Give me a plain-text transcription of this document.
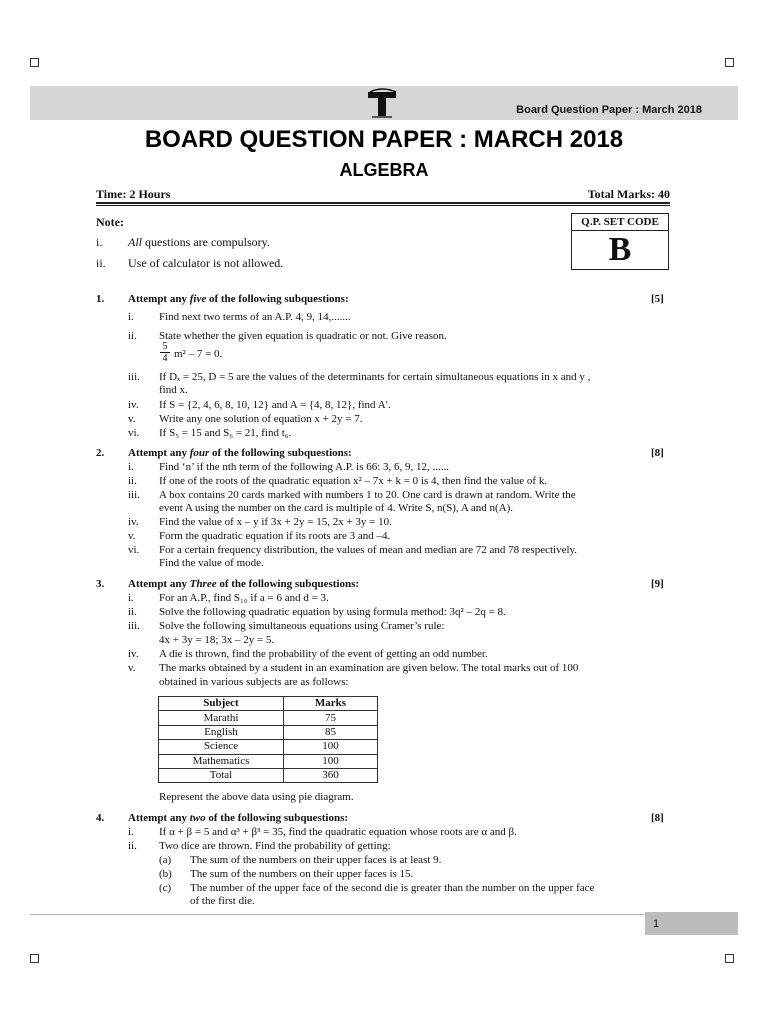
Board Question Paper : March 2018
BOARD QUESTION PAPER : MARCH 2018
ALGEBRA
Time: 2 Hours	Total Marks: 40
Note:
i. All questions are compulsory.
ii. Use of calculator is not allowed.
Q.P. SET CODE
B
1. Attempt any five of the following subquestions:	[5]
i. Find next two terms of an A.P. 4, 9, 14,.......
ii. State whether the given equation is quadratic or not. Give reason.
$\frac{5}{4} m^2 - 7 = 0$.
iii. If Dₓ = 25, D = 5 are the values of the determinants for certain simultaneous equations in x and y ,
find x.
iv. If S = {2, 4, 6, 8, 10, 12} and A = {4, 8, 12}, find A′.
v. Write any one solution of equation x + 2y = 7.
vi. If S₅ = 15 and S₆ = 21, find t₆.
2. Attempt any four of the following subquestions:	[8]
i. Find ‘n’ if the nth term of the following A.P. is 66: 3, 6, 9, 12, ......
ii. If one of the roots of the quadratic equation x² – 7x + k = 0 is 4, then find the value of k.
iii. A box contains 20 cards marked with numbers 1 to 20. One card is drawn at random. Write the
event A using the number on the card is multiple of 4. Write S, n(S), A and n(A).
iv. Find the value of x – y if 3x + 2y = 15, 2x + 3y = 10.
v. Form the quadratic equation if its roots are 3 and –4.
vi. For a certain frequency distribution, the values of mean and median are 72 and 78 respectively.
Find the value of mode.
3. Attempt any Three of the following subquestions:	[9]
i. For an A.P., find S₁₀ if a = 6 and d = 3.
ii. Solve the following quadratic equation by using formula method: 3q² – 2q = 8.
iii. Solve the following simultaneous equations using Cramer’s rule:
4x + 3y = 18; 3x – 2y = 5.
iv. A die is thrown, find the probability of the event of getting an odd number.
v. The marks obtained by a student in an examination are given below. The total marks out of 100
obtained in various subjects are as follows:
Subject	Marks
Marathi	75
English	85
Science	100
Mathematics	100
Total	360
Represent the above data using pie diagram.
4. Attempt any two of the following subquestions:	[8]
i. If α + β = 5 and α³ + β³ = 35, find the quadratic equation whose roots are α and β.
ii. Two dice are thrown. Find the probability of getting:
(a) The sum of the numbers on their upper faces is at least 9.
(b) The sum of the numbers on their upper faces is 15.
(c) The number of the upper face of the second die is greater than the number on the upper face
of the first die.
1
